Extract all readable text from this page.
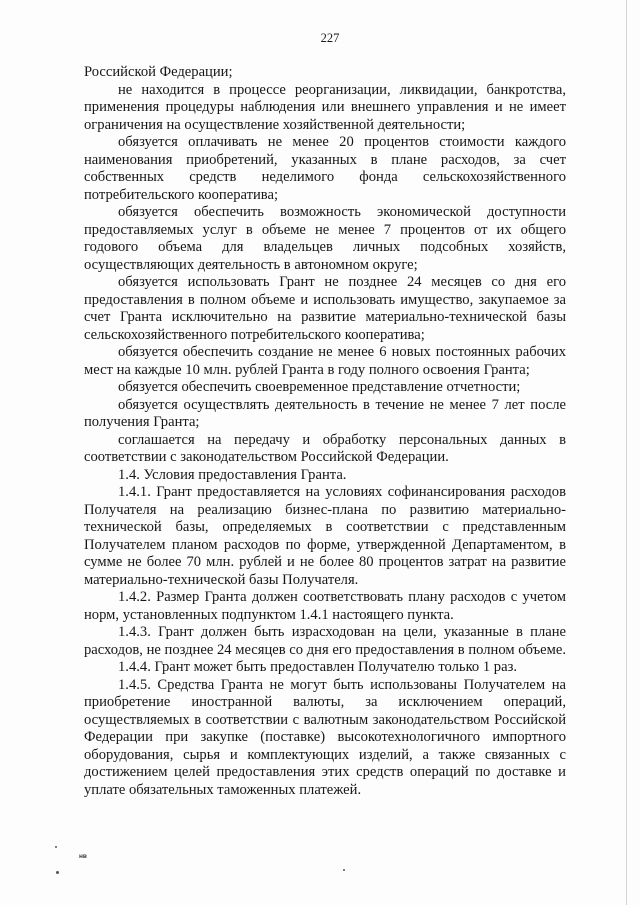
227

Российской Федерации;

не находится в процессе реорганизации, ликвидации, банкротства, применения процедуры наблюдения или внешнего управления и не имеет ограничения на осуществление хозяйственной деятельности;

обязуется оплачивать не менее 20 процентов стоимости каждого наименования приобретений, указанных в плане расходов, за счет собственных средств неделимого фонда сельскохозяйственного потребительского кооператива;

обязуется обеспечить возможность экономической доступности предоставляемых услуг в объеме не менее 7 процентов от их общего годового объема для владельцев личных подсобных хозяйств, осуществляющих деятельность в автономном округе;

обязуется использовать Грант не позднее 24 месяцев со дня его предоставления в полном объеме и использовать имущество, закупаемое за счет Гранта исключительно на развитие материально-технической базы сельскохозяйственного потребительского кооператива;

обязуется обеспечить создание не менее 6 новых постоянных рабочих мест на каждые 10 млн. рублей Гранта в году полного освоения Гранта;

обязуется обеспечить своевременное представление отчетности;

обязуется осуществлять деятельность в течение не менее 7 лет после получения Гранта;

соглашается на передачу и обработку персональных данных в соответствии с законодательством Российской Федерации.

1.4. Условия предоставления Гранта.

1.4.1. Грант предоставляется на условиях софинансирования расходов Получателя на реализацию бизнес-плана по развитию материально-технической базы, определяемых в соответствии с представленным Получателем планом расходов по форме, утвержденной Департаментом, в сумме не более 70 млн. рублей и не более 80 процентов затрат на развитие материально-технической базы Получателя.

1.4.2. Размер Гранта должен соответствовать плану расходов с учетом норм, установленных подпунктом 1.4.1 настоящего пункта.

1.4.3. Грант должен быть израсходован на цели, указанные в плане расходов, не позднее 24 месяцев со дня его предоставления в полном объеме.

1.4.4. Грант может быть предоставлен Получателю только 1 раз.

1.4.5. Средства Гранта не могут быть использованы Получателем на приобретение иностранной валюты, за исключением операций, осуществляемых в соответствии с валютным законодательством Российской Федерации при закупке (поставке) высокотехнологичного импортного оборудования, сырья и комплектующих изделий, а также связанных с достижением целей предоставления этих средств операций по доставке и уплате обязательных таможенных платежей.

нв
